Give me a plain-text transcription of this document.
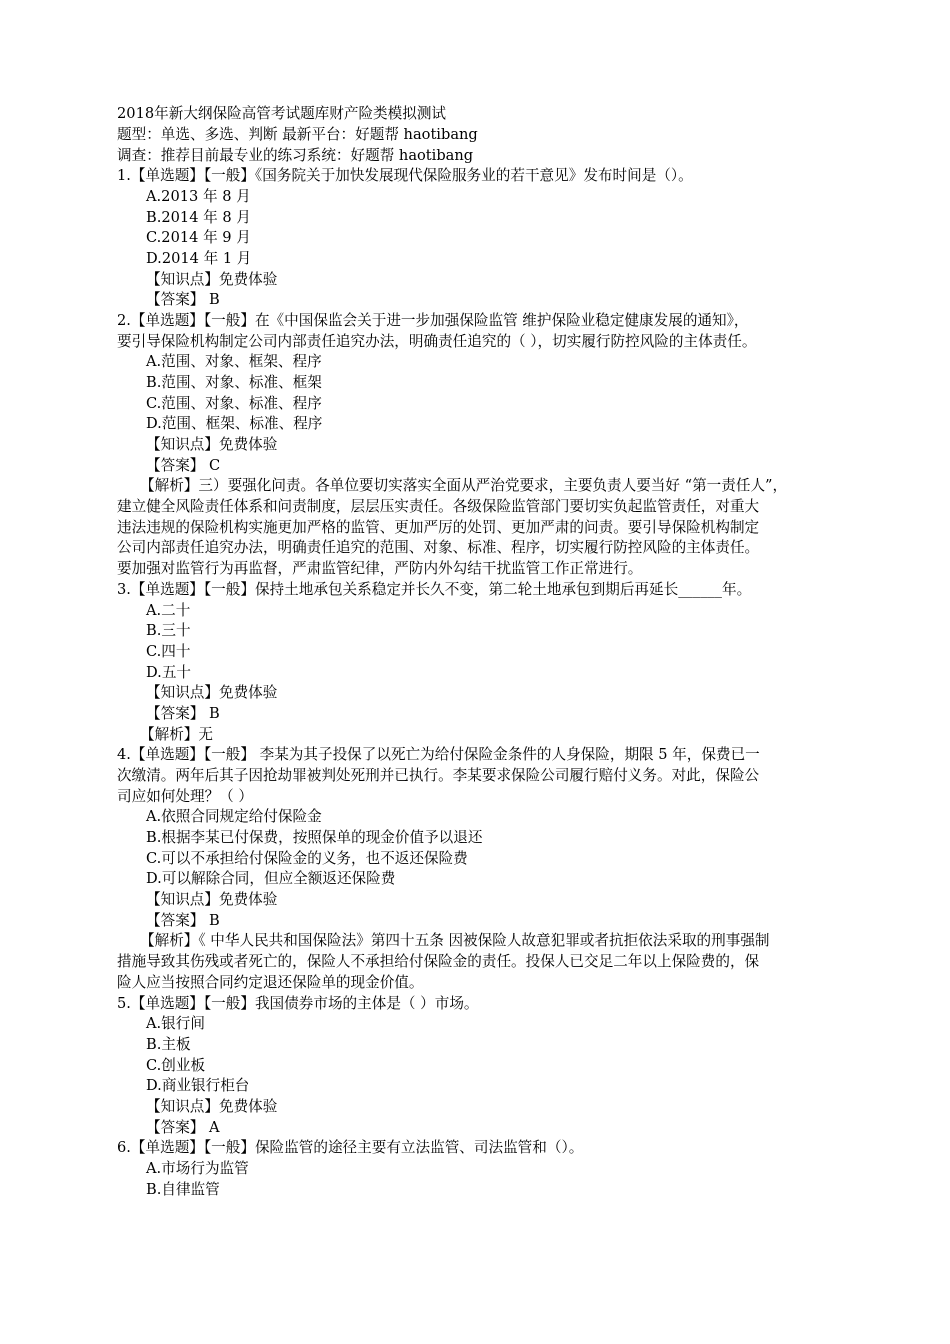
2018年新大纲保险高管考试题库财产险类模拟测试
题型：单选、多选、判断 最新平台：好题帮 haotibang
调查：推荐目前最专业的练习系统：好题帮 haotibang
1.【单选题】【一般】《国务院关于加快发展现代保险服务业的若干意见》发布时间是（）。
A.2013 年 8 月
B.2014 年 8 月
C.2014 年 9 月
D.2014 年 1 月
【知识点】免费体验
【答案】 B
2.【单选题】【一般】在《中国保监会关于进一步加强保险监管 维护保险业稳定健康发展的通知》，
要引导保险机构制定公司内部责任追究办法，明确责任追究的（ ），切实履行防控风险的主体责任。
A.范围、对象、框架、程序
B.范围、对象、标准、框架
C.范围、对象、标准、程序
D.范围、框架、标准、程序
【知识点】免费体验
【答案】 C
【解析】三）要强化问责。各单位要切实落实全面从严治党要求，主要负责人要当好 “第一责任人”，
建立健全风险责任体系和问责制度，层层压实责任。各级保险监管部门要切实负起监管责任，对重大
违法违规的保险机构实施更加严格的监管、更加严厉的处罚、更加严肃的问责。要引导保险机构制定
公司内部责任追究办法，明确责任追究的范围、对象、标准、程序，切实履行防控风险的主体责任。
要加强对监管行为再监督，严肃监管纪律，严防内外勾结干扰监管工作正常进行。
3.【单选题】【一般】保持土地承包关系稳定并长久不变，第二轮土地承包到期后再延长______年。
A.二十
B.三十
C.四十
D.五十
【知识点】免费体验
【答案】 B
【解析】无
4.【单选题】【一般】 李某为其子投保了以死亡为给付保险金条件的人身保险，期限 5 年，保费已一
次缴清。两年后其子因抢劫罪被判处死刑并已执行。李某要求保险公司履行赔付义务。对此，保险公
司应如何处理？（ ）
A.依照合同规定给付保险金
B.根据李某已付保费，按照保单的现金价值予以退还
C.可以不承担给付保险金的义务，也不返还保险费
D.可以解除合同，但应全额返还保险费
【知识点】免费体验
【答案】 B
【解析】《 中华人民共和国保险法》第四十五条 因被保险人故意犯罪或者抗拒依法采取的刑事强制
措施导致其伤残或者死亡的，保险人不承担给付保险金的责任。投保人已交足二年以上保险费的，保
险人应当按照合同约定退还保险单的现金价值。
5.【单选题】【一般】我国债券市场的主体是（ ）市场。
A.银行间
B.主板
C.创业板
D.商业银行柜台
【知识点】免费体验
【答案】 A
6.【单选题】【一般】保险监管的途径主要有立法监管、司法监管和（）。
A.市场行为监管
B.自律监管
